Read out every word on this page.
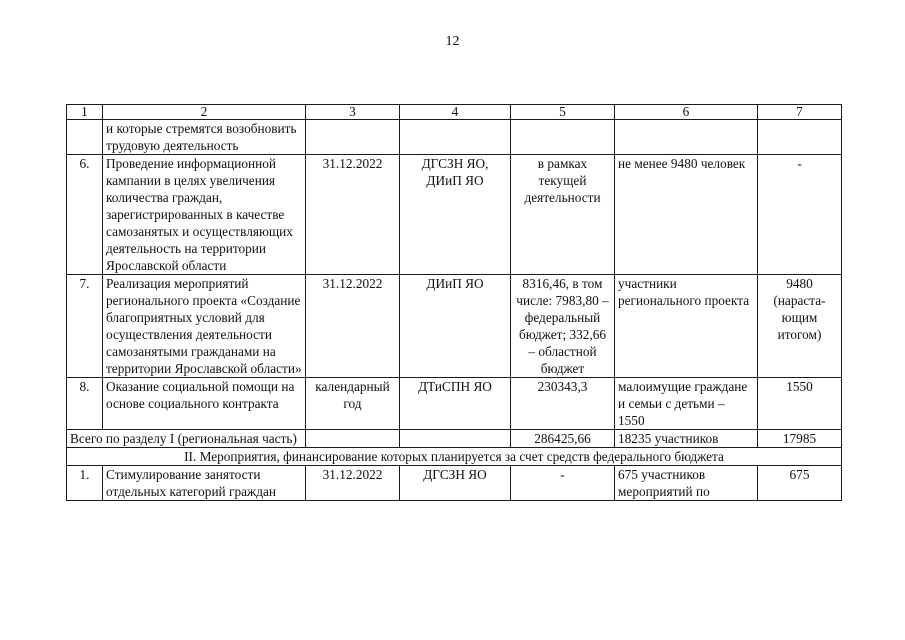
12
1	2	3	4	5	6	7
	и которые стремятся возобновить трудовую деятельность					
6.	Проведение информационной кампании в целях увеличения количества граждан, зарегистрированных в качестве самозанятых и осуществляющих деятельность на территории Ярославской области	31.12.2022	ДГСЗН ЯО, ДИиП ЯО	в рамках текущей деятельности	не менее 9480 человек	-
7.	Реализация мероприятий регионального проекта «Создание благоприятных условий для осуществления деятельности самозанятыми гражданами на территории Ярославской области»	31.12.2022	ДИиП ЯО	8316,46, в том числе: 7983,80 – федеральный бюджет; 332,66 – областной бюджет	участники регионального проекта	9480 (нараста-ющим итогом)
8.	Оказание социальной помощи на основе социального контракта	календарный год	ДТиСПН ЯО	230343,3	малоимущие граждане и семьи с детьми – 1550	1550
Всего по разделу I (региональная часть)				286425,66	18235 участников	17985
II. Мероприятия, финансирование которых планируется за счет средств федерального бюджета						
1.	Стимулирование занятости отдельных категорий граждан	31.12.2022	ДГСЗН ЯО	-	675 участников мероприятий по	675
